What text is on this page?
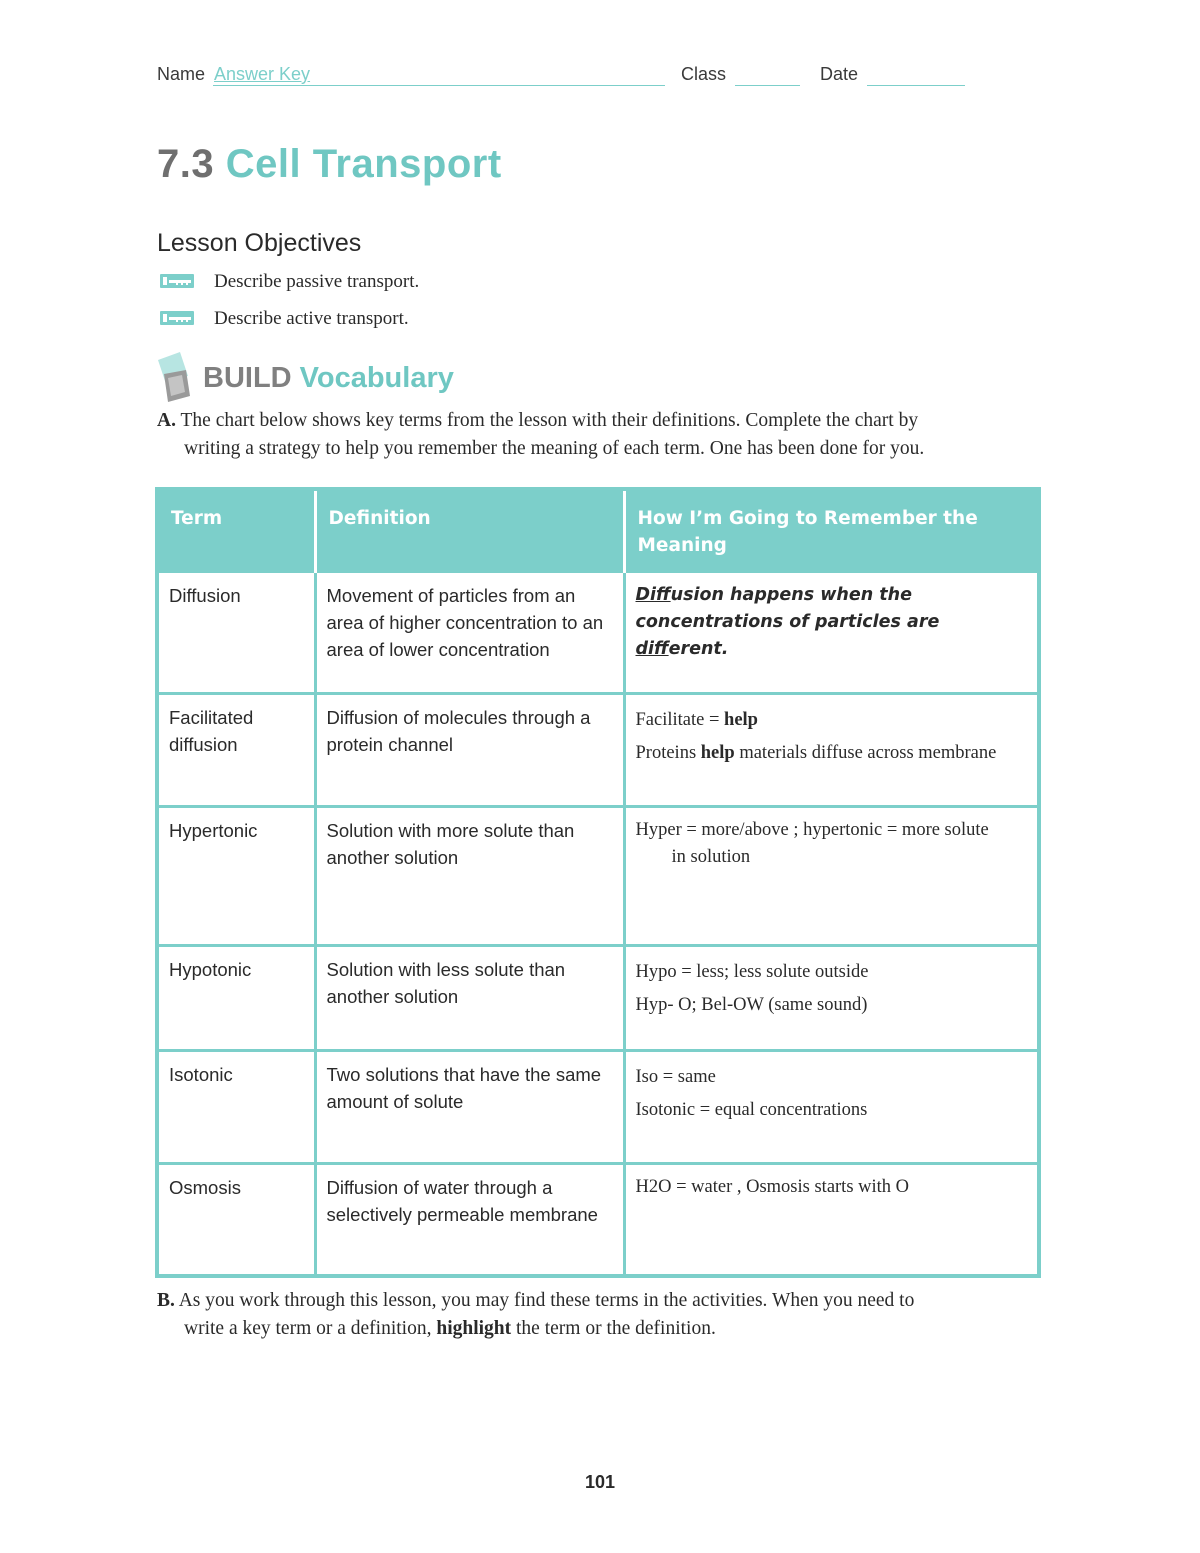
Name Answer Key	Class	Date
7.3 Cell Transport
Lesson Objectives
Describe passive transport.
Describe active transport.
BUILD Vocabulary
A. The chart below shows key terms from the lesson with their definitions. Complete the chart by
writing a strategy to help you remember the meaning of each term. One has been done for you.
Term	Definition	How I’m Going to Remember the Meaning
Diffusion	Movement of particles from an area of higher concentration to an area of lower concentration	Diffusion happens when the concentrations of particles are different.
Facilitated diffusion	Diffusion of molecules through a protein channel	Facilitate = help
Proteins help materials diffuse across membrane

Hypertonic	Solution with more solute than another solution	Hyper = more/above ; hypertonic = more solute
in solution

Hypotonic	Solution with less solute than another solution	Hypo = less; less solute outside
Hyp- O; Bel-OW (same sound)

Isotonic	Two solutions that have the same amount of solute	Iso = same
Isotonic = equal concentrations

Osmosis	Diffusion of water through a selectively permeable membrane	H2O = water , Osmosis starts with O
B. As you work through this lesson, you may find these terms in the activities. When you need to
write a key term or a definition, highlight the term or the definition.
101
